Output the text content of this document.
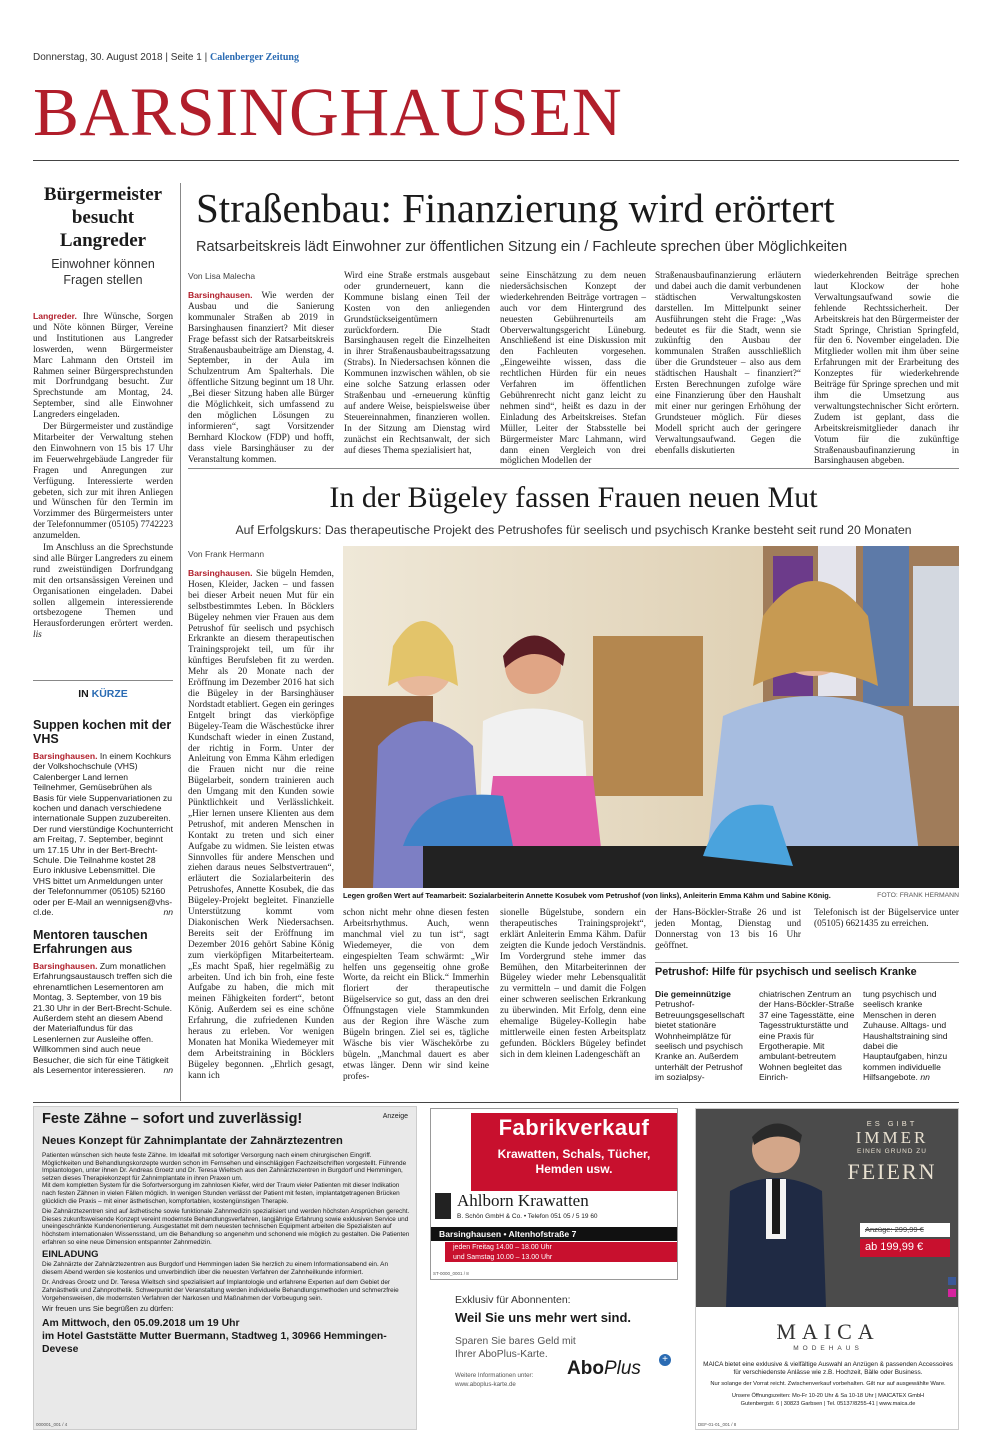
Donnerstag, 30. August 2018 | Seite 1 | Calenberger Zeitung
BARSINGHAUSEN
Bürgermeister besucht Langreder
Einwohner können Fragen stellen

Langreder. Ihre Wünsche, Sorgen und Nöte können Bürger, Vereine und Institutionen aus Langreder loswerden, wenn Bürgermeister Marc Lahmann den Ortsteil im Rahmen seiner Bürgersprechstunden mit Dorfrundgang besucht. Zur Sprechstunde am Montag, 24. September, sind alle Einwohner Langreders eingeladen.

Der Bürgermeister und zuständige Mitarbeiter der Verwaltung stehen den Einwohnern von 15 bis 17 Uhr im Feuerwehrgebäude Langreder für Fragen und Anregungen zur Verfügung. Interessierte werden gebeten, sich zur mit ihren Anliegen und Wünschen für den Termin im Vorzimmer des Bürgermeisters unter der Telefonnummer (05105) 7742223 anzumelden.

Im Anschluss an die Sprechstunde sind alle Bürger Langreders zu einem rund zweistündigen Dorfrundgang mit den ortsansässigen Vereinen und Organisationen eingeladen. Dabei sollen allgemein interessierende ortsbezogene Themen und Herausforderungen erörtert werden. lis

IN KÜRZE
Suppen kochen mit der VHS
Barsinghausen. In einem Kochkurs der Volkshochschule (VHS) Calenberger Land lernen Teilnehmer, Gemüsebrühen als Basis für viele Suppenvariationen zu kochen und danach verschiedene internationale Suppen zuzubereiten. Der rund vierstündige Kochunterricht am Freitag, 7. September, beginnt um 17.15 Uhr in der Bert-Brecht-Schule. Die Teilnahme kostet 28 Euro inklusive Lebensmittel. Die VHS bittet um Anmeldungen unter der Telefonnummer (05105) 52160 oder per E-Mail an wennigsen@vhs-cl.de.	nn
Mentoren tauschen Erfahrungen aus
Barsinghausen. Zum monatlichen Erfahrungsaustausch treffen sich die ehrenamtlichen Lesementoren am Montag, 3. September, von 19 bis 21.30 Uhr in der Bert-Brecht-Schule. Außerdem steht an diesem Abend der Materialfundus für das Lesenlernen zur Ausleihe offen. Willkommen sind auch neue Besucher, die sich für eine Tätigkeit als Lesementor interessieren. nn
Straßenbau: Finanzierung wird erörtert
Ratsarbeitskreis lädt Einwohner zur öffentlichen Sitzung ein / Fachleute sprechen über Möglichkeiten
Von Lisa Malecha
Barsinghausen. Wie werden der Ausbau und die Sanierung kommunaler Straßen ab 2019 in Barsinghausen finanziert? Mit dieser Frage befasst sich der Ratsarbeitskreis Straßenausbaubeiträge am Dienstag, 4. September, in der Aula im Schulzentrum Am Spalterhals. Die öffentliche Sitzung beginnt um 18 Uhr. „Bei dieser Sitzung haben alle Bürger die Möglichkeit, sich umfassend zu den möglichen Lösungen zu informieren“, sagt Vorsitzender Bernhard Klockow (FDP) und hofft, dass viele Barsinghäuser zu der Veranstaltung kommen.
Wird eine Straße erstmals ausgebaut oder grunderneuert, kann die Kommune bislang einen Teil der Kosten von den anliegenden Grundstückseigentümern zurückfordern. Die Stadt Barsinghausen regelt die Einzelheiten in ihrer Straßenausbaubeitragssatzung (Strabs). In Niedersachsen können die Kommunen inzwischen wählen, ob sie eine solche Satzung erlassen oder Straßenbau und -erneuerung künftig auf andere Weise, beispielsweise über Steuereinnahmen, finanzieren wollen. In der Sitzung am Dienstag wird zunächst ein Rechtsanwalt, der sich auf dieses Thema spezialisiert hat,
seine Einschätzung zu dem neuen niedersächsischen Konzept der wiederkehrenden Beiträge vortragen – auch vor dem Hintergrund des neuesten Gebührenurteils am Oberverwaltungsgericht Lüneburg. Anschließend ist eine Diskussion mit den Fachleuten vorgesehen. „Eingeweihte wissen, dass die rechtlichen Hürden für ein neues Verfahren im öffentlichen Gebührenrecht nicht ganz leicht zu nehmen sind“, heißt es dazu in der Einladung des Arbeitskreises. Stefan Müller, Leiter der Stabsstelle bei Bürgermeister Marc Lahmann, wird dann einen Vergleich von drei möglichen Modellen der
Straßenausbaufinanzierung erläutern und dabei auch die damit verbundenen städtischen Verwaltungskosten darstellen. Im Mittelpunkt seiner Ausführungen steht die Frage: „Was bedeutet es für die Stadt, wenn sie zukünftig den Ausbau der kommunalen Straßen ausschließlich über die Grundsteuer – also aus dem städtischen Haushalt – finanziert?“ Ersten Berechnungen zufolge wäre eine Finanzierung über den Haushalt mit einer nur geringen Erhöhung der Grundsteuer möglich. Für dieses Modell spricht auch der geringere Verwaltungsaufwand. Gegen die ebenfalls diskutierten
wiederkehrenden Beiträge sprechen laut Klockow der hohe Verwaltungsaufwand sowie die fehlende Rechtssicherheit. Der Arbeitskreis hat den Bürgermeister der Stadt Springe, Christian Springfeld, für den 6. November eingeladen. Die Mitglieder wollen mit ihm über seine Erfahrungen mit der Erarbeitung des Konzeptes für wiederkehrende Beiträge für Springe sprechen und mit ihm die Umsetzung aus verwaltungstechnischer Sicht erörtern. Zudem ist geplant, dass die Arbeitskreismitglieder danach ihr Votum für die zukünftige Straßenausbaufinanzierung in Barsinghausen abgeben.
In der Bügeley fassen Frauen neuen Mut
Auf Erfolgskurs: Das therapeutische Projekt des Petrushofes für seelisch und psychisch Kranke besteht seit rund 20 Monaten
Von Frank Hermann
Barsinghausen. Sie bügeln Hemden, Hosen, Kleider, Jacken – und fassen bei dieser Arbeit neuen Mut für ein selbstbestimmtes Leben. In Böcklers Bügeley nehmen vier Frauen aus dem Petrushof für seelisch und psychisch Erkrankte an diesem therapeutischen Trainingsprojekt teil, um für ihr künftiges Berufsleben fit zu werden. Mehr als 20 Monate nach der Eröffnung im Dezember 2016 hat sich die Bügeley in der Barsinghäuser Nordstadt etabliert. Gegen ein geringes Entgelt bringt das vierköpfige Bügeley-Team die Wäschestücke ihrer Kundschaft wieder in einen Zustand, der richtig in Form. Unter der Anleitung von Emma Kähm erledigen die Frauen nicht nur die reine Bügelarbeit, sondern trainieren auch den Umgang mit den Kunden sowie Pünktlichkeit und Verlässlichkeit. „Hier lernen unsere Klienten aus dem Petrushof, mit anderen Menschen in Kontakt zu treten und sich einer Aufgabe zu widmen. Sie leisten etwas Sinnvolles für andere Menschen und ziehen daraus neues Selbstvertrauen“, erläutert die Sozialarbeiterin des Petrushofes, Annette Kosubek, die das Bügeley-Projekt begleitet. Finanzielle Unterstützung kommt vom Diakonischen Werk Niedersachsen. Bereits seit der Eröffnung im Dezember 2016 gehört Sabine König zum vierköpfigen Mitarbeiterteam. „Es macht Spaß, hier regelmäßig zu arbeiten. Und ich bin froh, eine feste Aufgabe zu haben, die mich mit meinen Fähigkeiten fordert“, betont König. Außerdem sei es eine schöne Erfahrung, die zufriedenen Kunden heraus zu erleben. Vor wenigen Monaten hat Monika Wiedemeyer mit dem Arbeitstraining in Böcklers Bügeley begonnen. „Ehrlich gesagt, kann ich
Legen großen Wert auf Teamarbeit: Sozialarbeiterin Annette Kosubek vom Petrushof (von links), Anleiterin Emma Kähm und Sabine König.	FOTO: FRANK HERMANN
schon nicht mehr ohne diesen festen Arbeitsrhythmus. Auch, wenn manchmal viel zu tun ist“, sagt Wiedemeyer, die von dem eingespielten Team schwärmt: „Wir helfen uns gegenseitig ohne große Worte, da reicht ein Blick.“ Immerhin floriert der therapeutische Bügelservice so gut, dass an den drei Öffnungstagen viele Stammkunden aus der Region ihre Wäsche zum Bügeln bringen. Ziel sei es, tägliche Wäsche bis vier Wäschekörbe zu bügeln. „Manchmal dauert es aber etwas länger. Denn wir sind keine profes-
sionelle Bügelstube, sondern ein therapeutisches Trainingsprojekt“, erklärt Anleiterin Emma Kähm. Dafür zeigten die Kunde jedoch Verständnis. Im Vordergrund stehe immer das Bemühen, den Mitarbeiterinnen der Bügeley wieder mehr Lebensqualität zu vermitteln – und damit die Folgen einer schweren seelischen Erkrankung zu überwinden. Mit Erfolg, denn eine ehemalige Bügeley-Kollegin habe mittlerweile einen festen Arbeitsplatz gefunden. Böcklers Bügeley befindet sich in dem kleinen Ladengeschäft an
der Hans-Böckler-Straße 26 und ist jeden Montag, Dienstag und Donnerstag von 13 bis 16 Uhr geöffnet.
Telefonisch ist der Bügelservice unter (05105) 6621435 zu erreichen.
Petrushof: Hilfe für psychisch und seelisch Kranke
Die gemeinnützige Petrushof-Betreuungsgesellschaft bietet stationäre Wohnheimplätze für seelisch und psychisch Kranke an. Außerdem unterhält der Petrushof im sozialpsy-
chiatrischen Zentrum an der Hans-Böckler-Straße 37 eine Tagesstätte, eine Tagesstrukturstätte und eine Praxis für Ergotherapie. Mit ambulant-betreutem Wohnen begleitet das Einrich-
tung psychisch und seelisch kranke Menschen in deren Zuhause. Alltags- und Haushaltstraining sind dabei die Hauptaufgaben, hinzu kommen individuelle Hilfsangebote. nn
Feste Zähne – sofort und zuverlässig!	Anzeige
Neues Konzept für Zahnimplantate der Zahnärztezentren

Patienten wünschen sich heute feste Zähne. Im Idealfall mit sofortiger Versorgung nach einem chirurgischen Eingriff. Möglichkeiten und Behandlungskonzepte wurden schon im Fernsehen und einschlägigen Fachzeitschriften vorgestellt. Führende Implantologen, unter ihnen Dr. Andreas Groetz und Dr. Teresa Wieltsch aus den Zahnärztezentren in Burgdorf und Hemmingen, setzen dieses Therapiekonzept für Zahnimplantate in ihren Praxen um.

Mit dem kompletten System für die Sofortversorgung im zahnlosen Kiefer, wird der Traum vieler Patienten mit dieser Indikation nach festen Zähnen in vielen Fällen möglich. In wenigen Stunden verlässt der Patient mit festen, implantatgetragenen Brücken glücklich die Praxis – mit einer ästhetischen, kompfortablen, kostengünstigen Therapie.

Die Zahnärztezentren sind auf ästhetische sowie funktionale Zahnmedizin spezialisiert und werden höchsten Ansprüchen gerecht. Dieses zukunftsweisende Konzept vereint modernste Behandlungsverfahren, langjährige Erfahrung sowie exklusiven Service und uneingeschränkte Kundenorientierung. Ausgestattet mit dem neuesten technischen Equipment arbeiten die Spezialisten auf höchstem internationalen Wissensstand, um die Behandlung so angenehm und schonend wie möglich zu gestalten. Die Patienten erfahren so eine neue Dimension entspannter Zahnmedizin.

EINLADUNG

Die Zahnärzte der Zahnärztezentren aus Burgdorf und Hemmingen laden Sie herzlich zu einem Informationsabend ein. An diesem Abend werden sie kostenlos und unverbindlich über die neuesten Verfahren der Zahnheilkunde informiert.

Dr. Andreas Groetz und Dr. Teresa Wieltsch sind spezialisiert auf Implantologie und erfahrene Experten auf dem Gebiet der Zahnästhetik und Zahnprothetik. Schwerpunkt der Veranstaltung werden individuelle Behandlungsmethoden und schmerzfreie Vorgehensweisen, die modernsten Verfahren der Narkosen und Maßnahmen der Vorbeugung sein.

Wir freuen uns Sie begrüßen zu dürfen:

Am Mittwoch, den 05.09.2018 um 19 Uhr

im Hotel Gaststätte Mutter Buermann, Stadtweg 1, 30966 Hemmingen-Devese

000001_001 / 4
Fabrikverkauf
Krawatten, Schals, Tücher,
Hemden usw.
Ahlborn Krawatten
B. Schön GmbH & Co. • Telefon 051 05 / 5 19 60
Barsinghausen • Altenhofstraße 7
jeden Freitag 14.00 – 18.00 Uhr
und Samstag 10.00 – 13.00 Uhr
ST-0000_0001 / 8
Exklusiv für Abonnenten:
Weil Sie uns mehr wert sind.
Sparen Sie bares Geld mit
Ihrer AboPlus-Karte.
Weitere Informationen unter:
www.aboplus-karte.de
AboPlus	+
ES GIBT
IMMER
EINEN GRUND ZU
FEIERN
Anzüge: 299,99 €
ab 199,99 €
MAICA
MODEHAUS

MAICA bietet eine exklusive & vielfältige Auswahl an Anzügen & passenden Accessoires für verschiedenste Anlässe wie z.B. Hochzeit, Bälle oder Business.

Nur solange der Vorrat reicht. Zwischenverkauf vorbehalten. Gilt nur auf ausgewählte Ware.

Unsere Öffnungszeiten: Mo-Fr 10-20 Uhr & Sa 10-18 Uhr | MAICATEX GmbH

Gutenbergstr. 6 | 30823 Garbsen | Tel. 05137/8255-41 | www.maica.de

DEF-01-01_001 / 8
